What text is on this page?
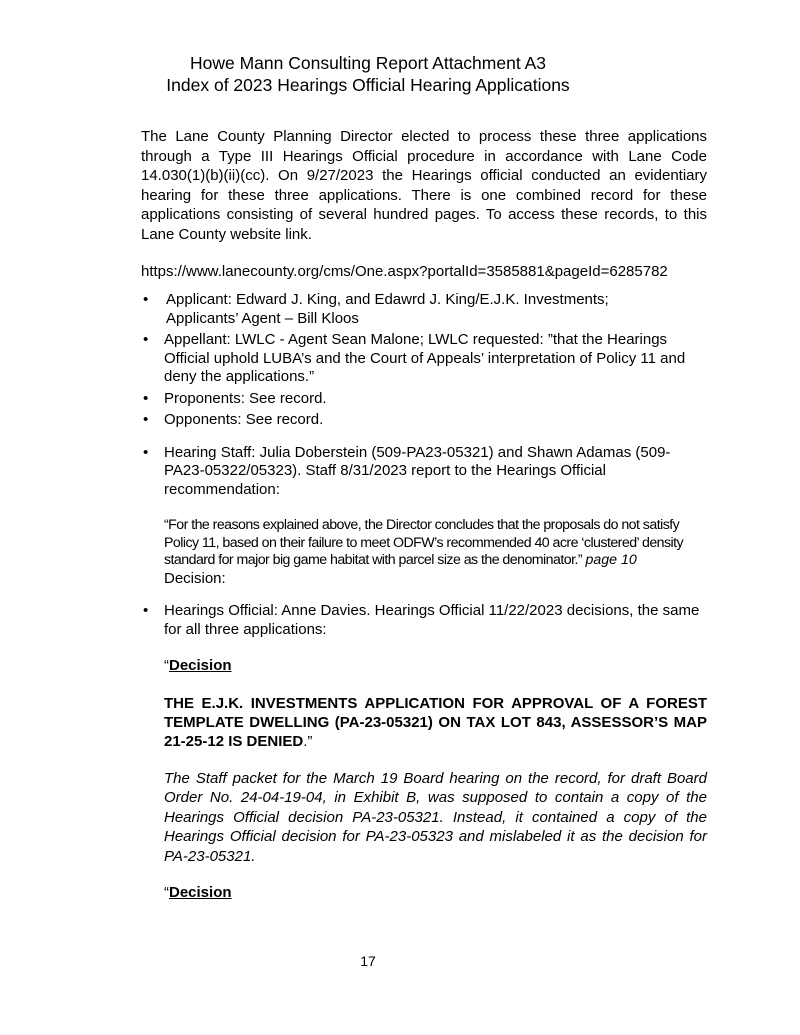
Howe Mann Consulting Report Attachment A3
Index of 2023 Hearings Official Hearing Applications

The Lane County Planning Director elected to process these three applications through a Type III Hearings Official procedure in accordance with Lane Code 14.030(1)(b)(ii)(cc). On 9/27/2023 the Hearings official conducted an evidentiary hearing for these three applications. There is one combined record for these applications consisting of several hundred pages. To access these records, to this Lane County website link.

https://www.lanecounty.org/cms/One.aspx?portalId=3585881&pageId=6285782

• Applicant: Edward J. King, and Edawrd J. King/E.J.K. Investments;
Applicants’ Agent – Bill Kloos
• Appellant: LWLC - Agent Sean Malone; LWLC requested: ”that the Hearings Official uphold LUBA’s and the Court of Appeals’ interpretation of Policy 11 and deny the applications.”
• Proponents: See record.
• Opponents: See record.
• Hearing Staff: Julia Doberstein (509-PA23-05321) and Shawn Adamas (509-PA23-05322/05323). Staff 8/31/2023 report to the Hearings Official recommendation:
“For the reasons explained above, the Director concludes that the proposals do not satisfy Policy 11, based on their failure to meet ODFW’s recommended 40 acre ‘clustered’ density standard for major big game habitat with parcel size as the denominator.” page 10
Decision:
• Hearings Official: Anne Davies. Hearings Official 11/22/2023 decisions, the same for all three applications:
“Decision
THE E.J.K. INVESTMENTS APPLICATION FOR APPROVAL OF A FOREST TEMPLATE DWELLING (PA-23-05321) ON TAX LOT 843, ASSESSOR’S MAP 21-25-12 IS DENIED.”
The Staff packet for the March 19 Board hearing on the record, for draft Board Order No. 24-04-19-04, in Exhibit B, was supposed to contain a copy of the Hearings Official decision PA-23-05321. Instead, it contained a copy of the Hearings Official decision for PA-23-05323 and mislabeled it as the decision for PA-23-05321.
“Decision
17
